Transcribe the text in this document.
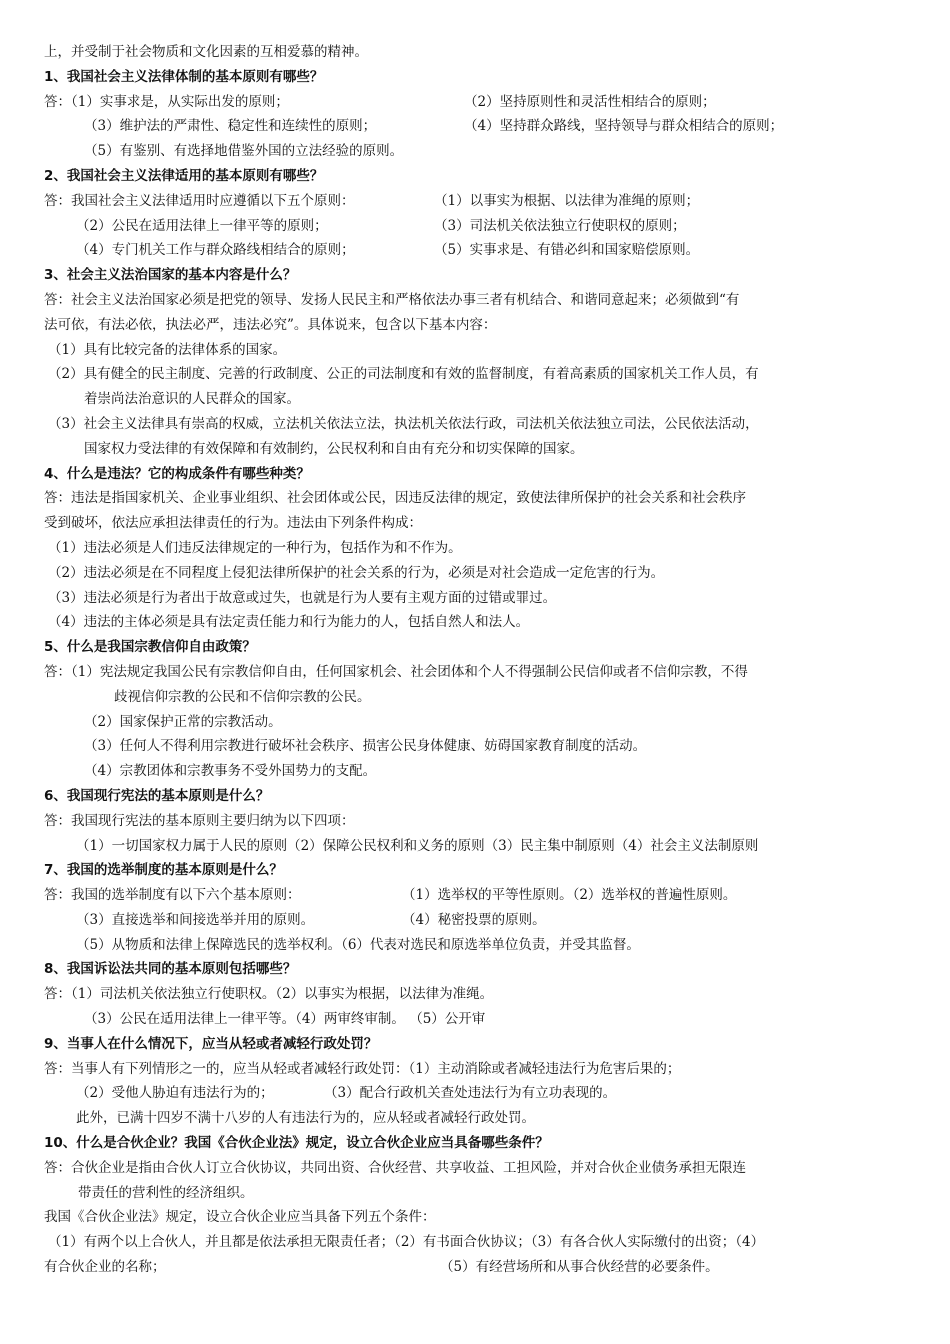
上，并受制于社会物质和文化因素的互相爱慕的精神。
1、我国社会主义法律体制的基本原则有哪些？
答：（1）实事求是，从实际出发的原则；	（2）坚持原则性和灵活性相结合的原则；
（3）维护法的严肃性、稳定性和连续性的原则；	（4）坚持群众路线，坚持领导与群众相结合的原则；
（5）有鉴别、有选择地借鉴外国的立法经验的原则。
2、我国社会主义法律适用的基本原则有哪些？
答：我国社会主义法律适用时应遵循以下五个原则：	（1）以事实为根据、以法律为准绳的原则；
（2）公民在适用法律上一律平等的原则；	（3）司法机关依法独立行使职权的原则；
（4）专门机关工作与群众路线相结合的原则；	（5）实事求是、有错必纠和国家赔偿原则。
3、社会主义法治国家的基本内容是什么？
答：社会主义法治国家必须是把党的领导、发扬人民民主和严格依法办事三者有机结合、和谐同意起来；必须做到“有
法可依，有法必依，执法必严，违法必究”。具体说来，包含以下基本内容：
（1）具有比较完备的法律体系的国家。
（2）具有健全的民主制度、完善的行政制度、公正的司法制度和有效的监督制度，有着高素质的国家机关工作人员，有
着崇尚法治意识的人民群众的国家。
（3）社会主义法律具有崇高的权威，立法机关依法立法，执法机关依法行政，司法机关依法独立司法，公民依法活动，
国家权力受法律的有效保障和有效制约，公民权利和自由有充分和切实保障的国家。
4、什么是违法？它的构成条件有哪些种类？
答：违法是指国家机关、企业事业组织、社会团体或公民，因违反法律的规定，致使法律所保护的社会关系和社会秩序
受到破坏，依法应承担法律责任的行为。违法由下列条件构成：
（1）违法必须是人们违反法律规定的一种行为，包括作为和不作为。
（2）违法必须是在不同程度上侵犯法律所保护的社会关系的行为，必须是对社会造成一定危害的行为。
（3）违法必须是行为者出于故意或过失，也就是行为人要有主观方面的过错或罪过。
（4）违法的主体必须是具有法定责任能力和行为能力的人，包括自然人和法人。
5、什么是我国宗教信仰自由政策？
答：（1）宪法规定我国公民有宗教信仰自由，任何国家机会、社会团体和个人不得强制公民信仰或者不信仰宗教，不得
歧视信仰宗教的公民和不信仰宗教的公民。
（2）国家保护正常的宗教活动。
（3）任何人不得利用宗教进行破坏社会秩序、损害公民身体健康、妨碍国家教育制度的活动。
（4）宗教团体和宗教事务不受外国势力的支配。
6、我国现行宪法的基本原则是什么？
答：我国现行宪法的基本原则主要归纳为以下四项：
（1）一切国家权力属于人民的原则（2）保障公民权利和义务的原则（3）民主集中制原则（4）社会主义法制原则
7、我国的选举制度的基本原则是什么？
答：我国的选举制度有以下六个基本原则：	（1）选举权的平等性原则。（2）选举权的普遍性原则。
（3）直接选举和间接选举并用的原则。	（4）秘密投票的原则。
（5）从物质和法律上保障选民的选举权利。（6）代表对选民和原选举单位负责，并受其监督。
8、我国诉讼法共同的基本原则包括哪些？
答：（1）司法机关依法独立行使职权。（2）以事实为根据，以法律为准绳。
（3）公民在适用法律上一律平等。（4）两审终审制。 （5）公开审
9、当事人在什么情况下，应当从轻或者减轻行政处罚？
答：当事人有下列情形之一的，应当从轻或者减轻行政处罚：（1）主动消除或者减轻违法行为危害后果的；
（2）受他人胁迫有违法行为的；	（3）配合行政机关查处违法行为有立功表现的。
此外，已满十四岁不满十八岁的人有违法行为的，应从轻或者减轻行政处罚。
10、什么是合伙企业？我国《合伙企业法》规定，设立合伙企业应当具备哪些条件？
答：合伙企业是指由合伙人订立合伙协议，共同出资、合伙经营、共享收益、工担风险，并对合伙企业债务承担无限连
带责任的营利性的经济组织。
我国《合伙企业法》规定，设立合伙企业应当具备下列五个条件：
（1）有两个以上合伙人，并且都是依法承担无限责任者；（2）有书面合伙协议；（3）有各合伙人实际缴付的出资；（4）
有合伙企业的名称；	（5）有经营场所和从事合伙经营的必要条件。
